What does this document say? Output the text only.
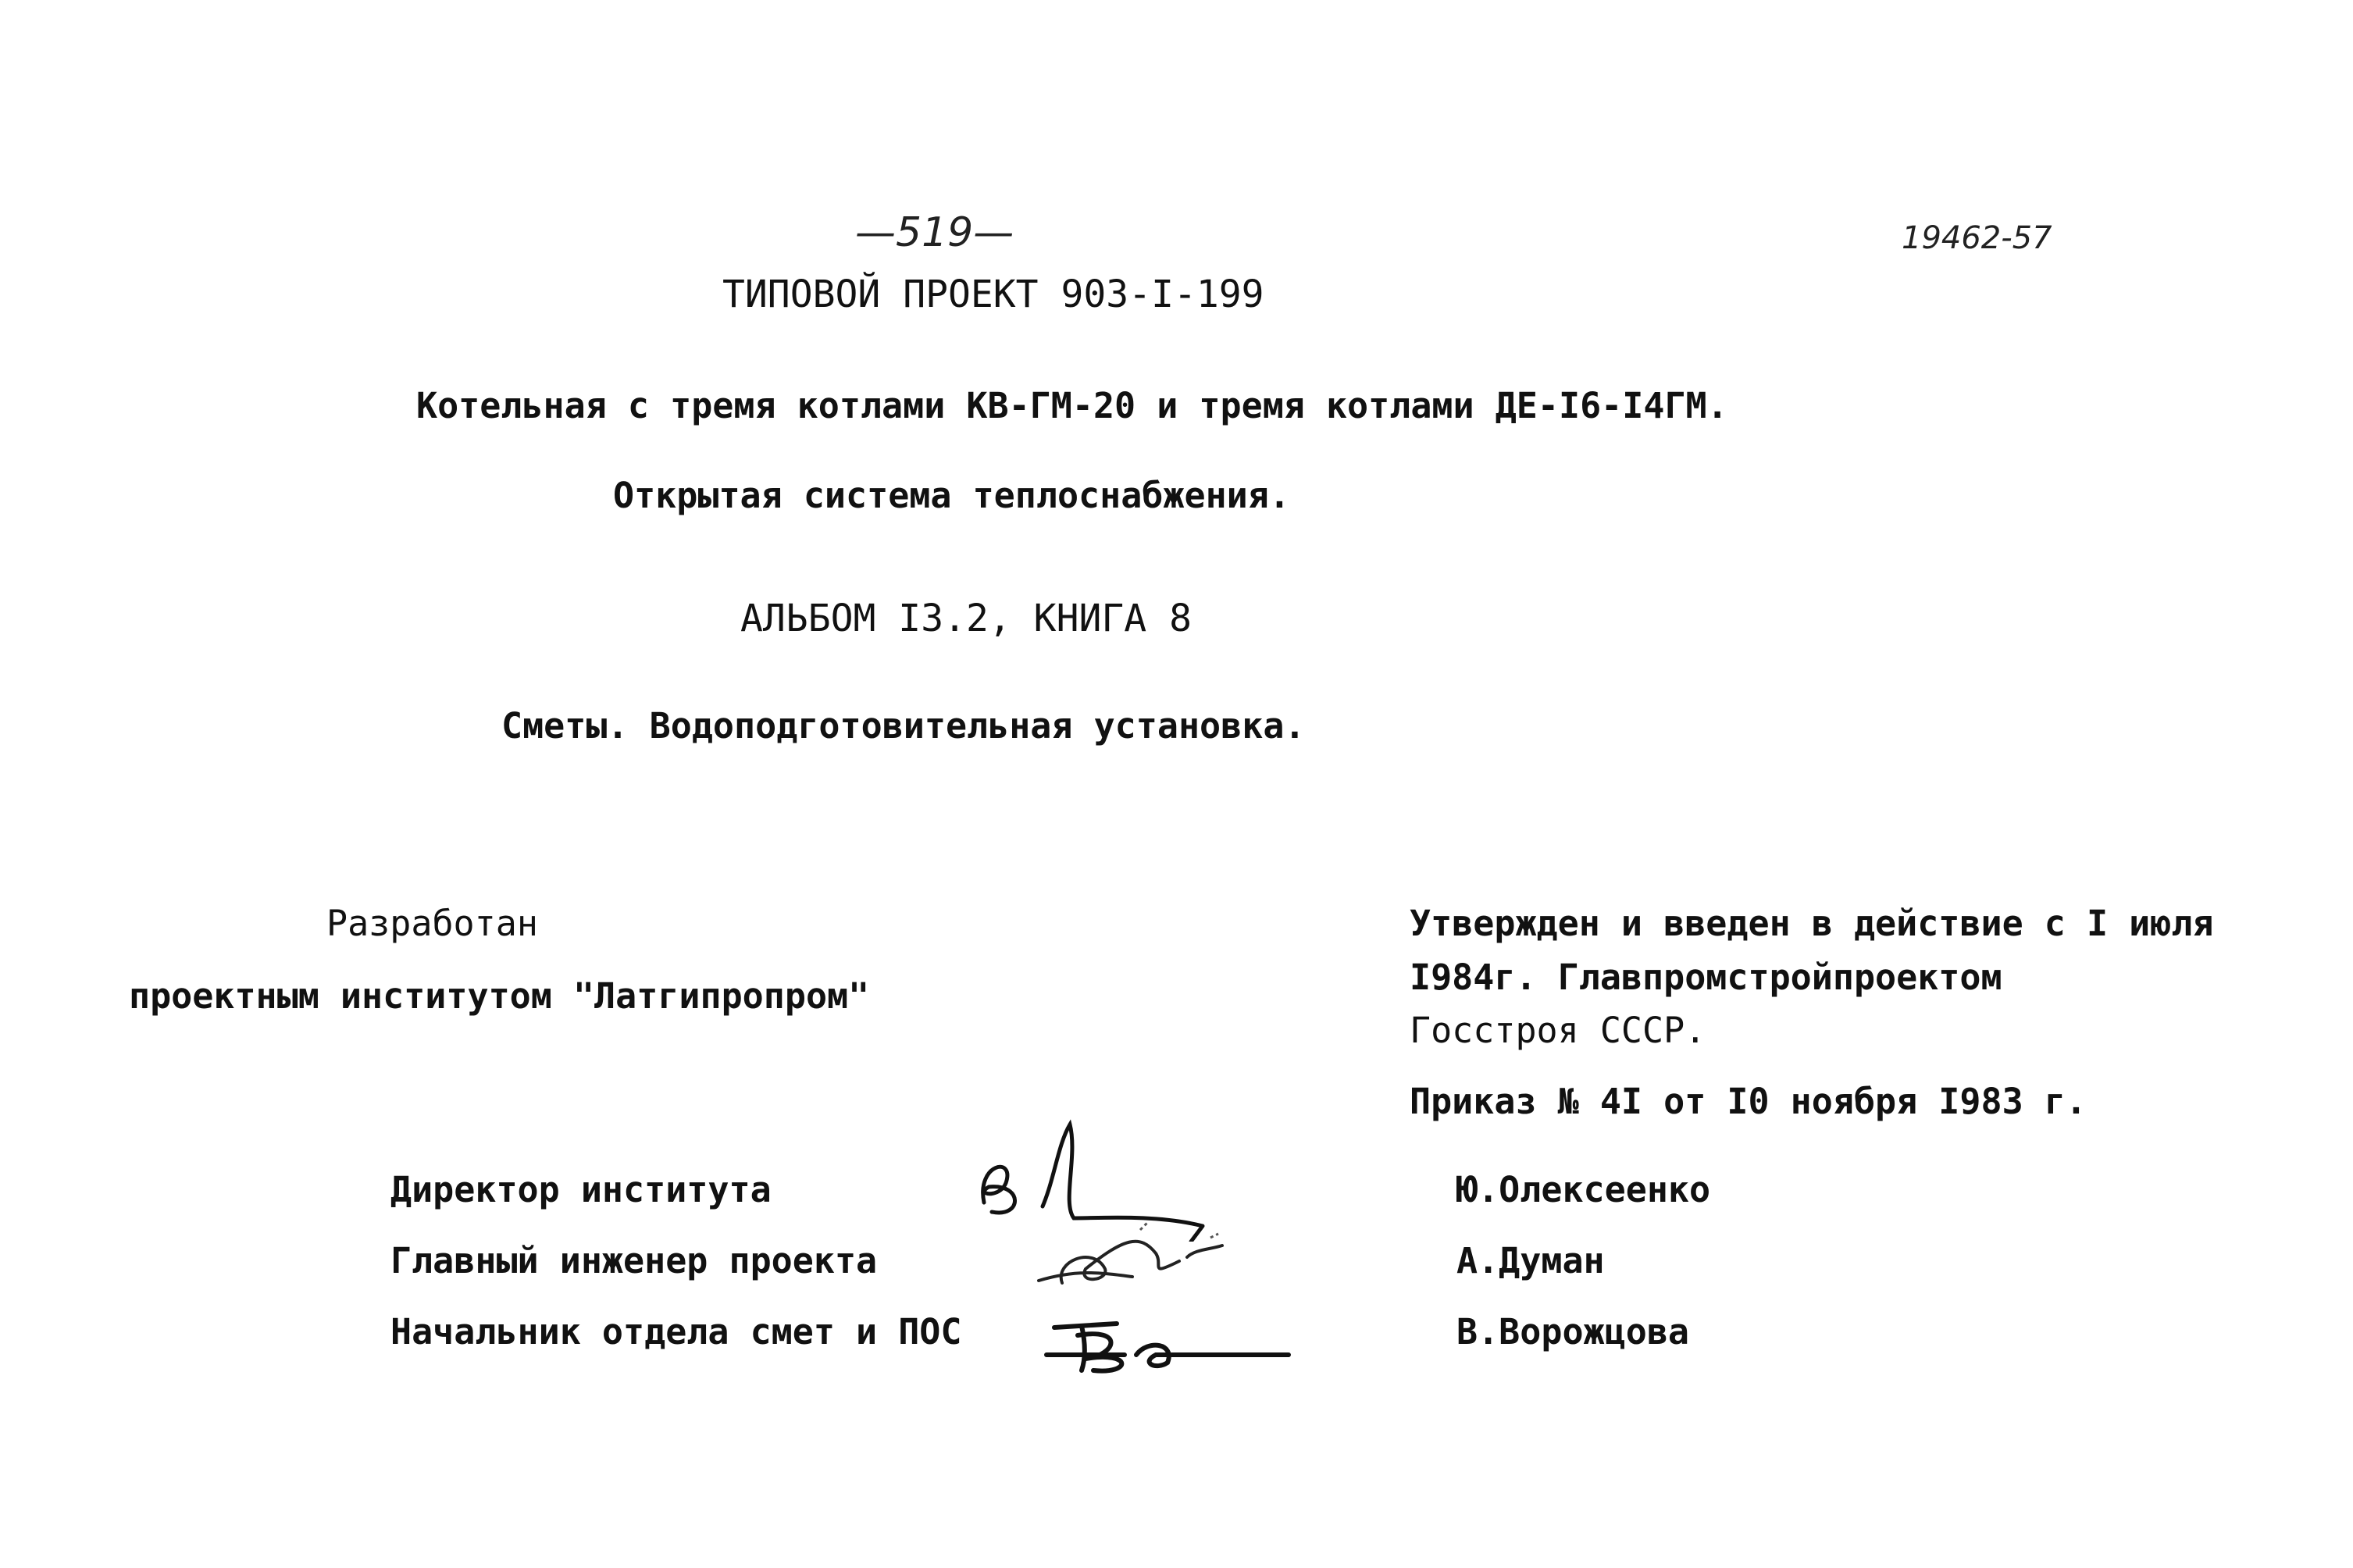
—519—	19462-57
ТИПОВОЙ ПРОЕКТ 903-I-199
Котельная с тремя котлами КВ-ГМ-20 и тремя котлами ДЕ-I6-I4ГМ.
Открытая система теплоснабжения.
АЛЬБОМ I3.2, КНИГА 8
Сметы. Водоподготовительная установка.
Разработан
проектным институтом "Латгипропром"
Утвержден и введен в действие с I июля
I984г. Главпромстройпроектом
Госстроя СССР.
Приказ № 4I от I0 ноября I983 г.
Директор института	Ю.Олексеенко
Главный инженер проекта	А.Думан
Начальник отдела смет и ПОС	В.Ворожцова
